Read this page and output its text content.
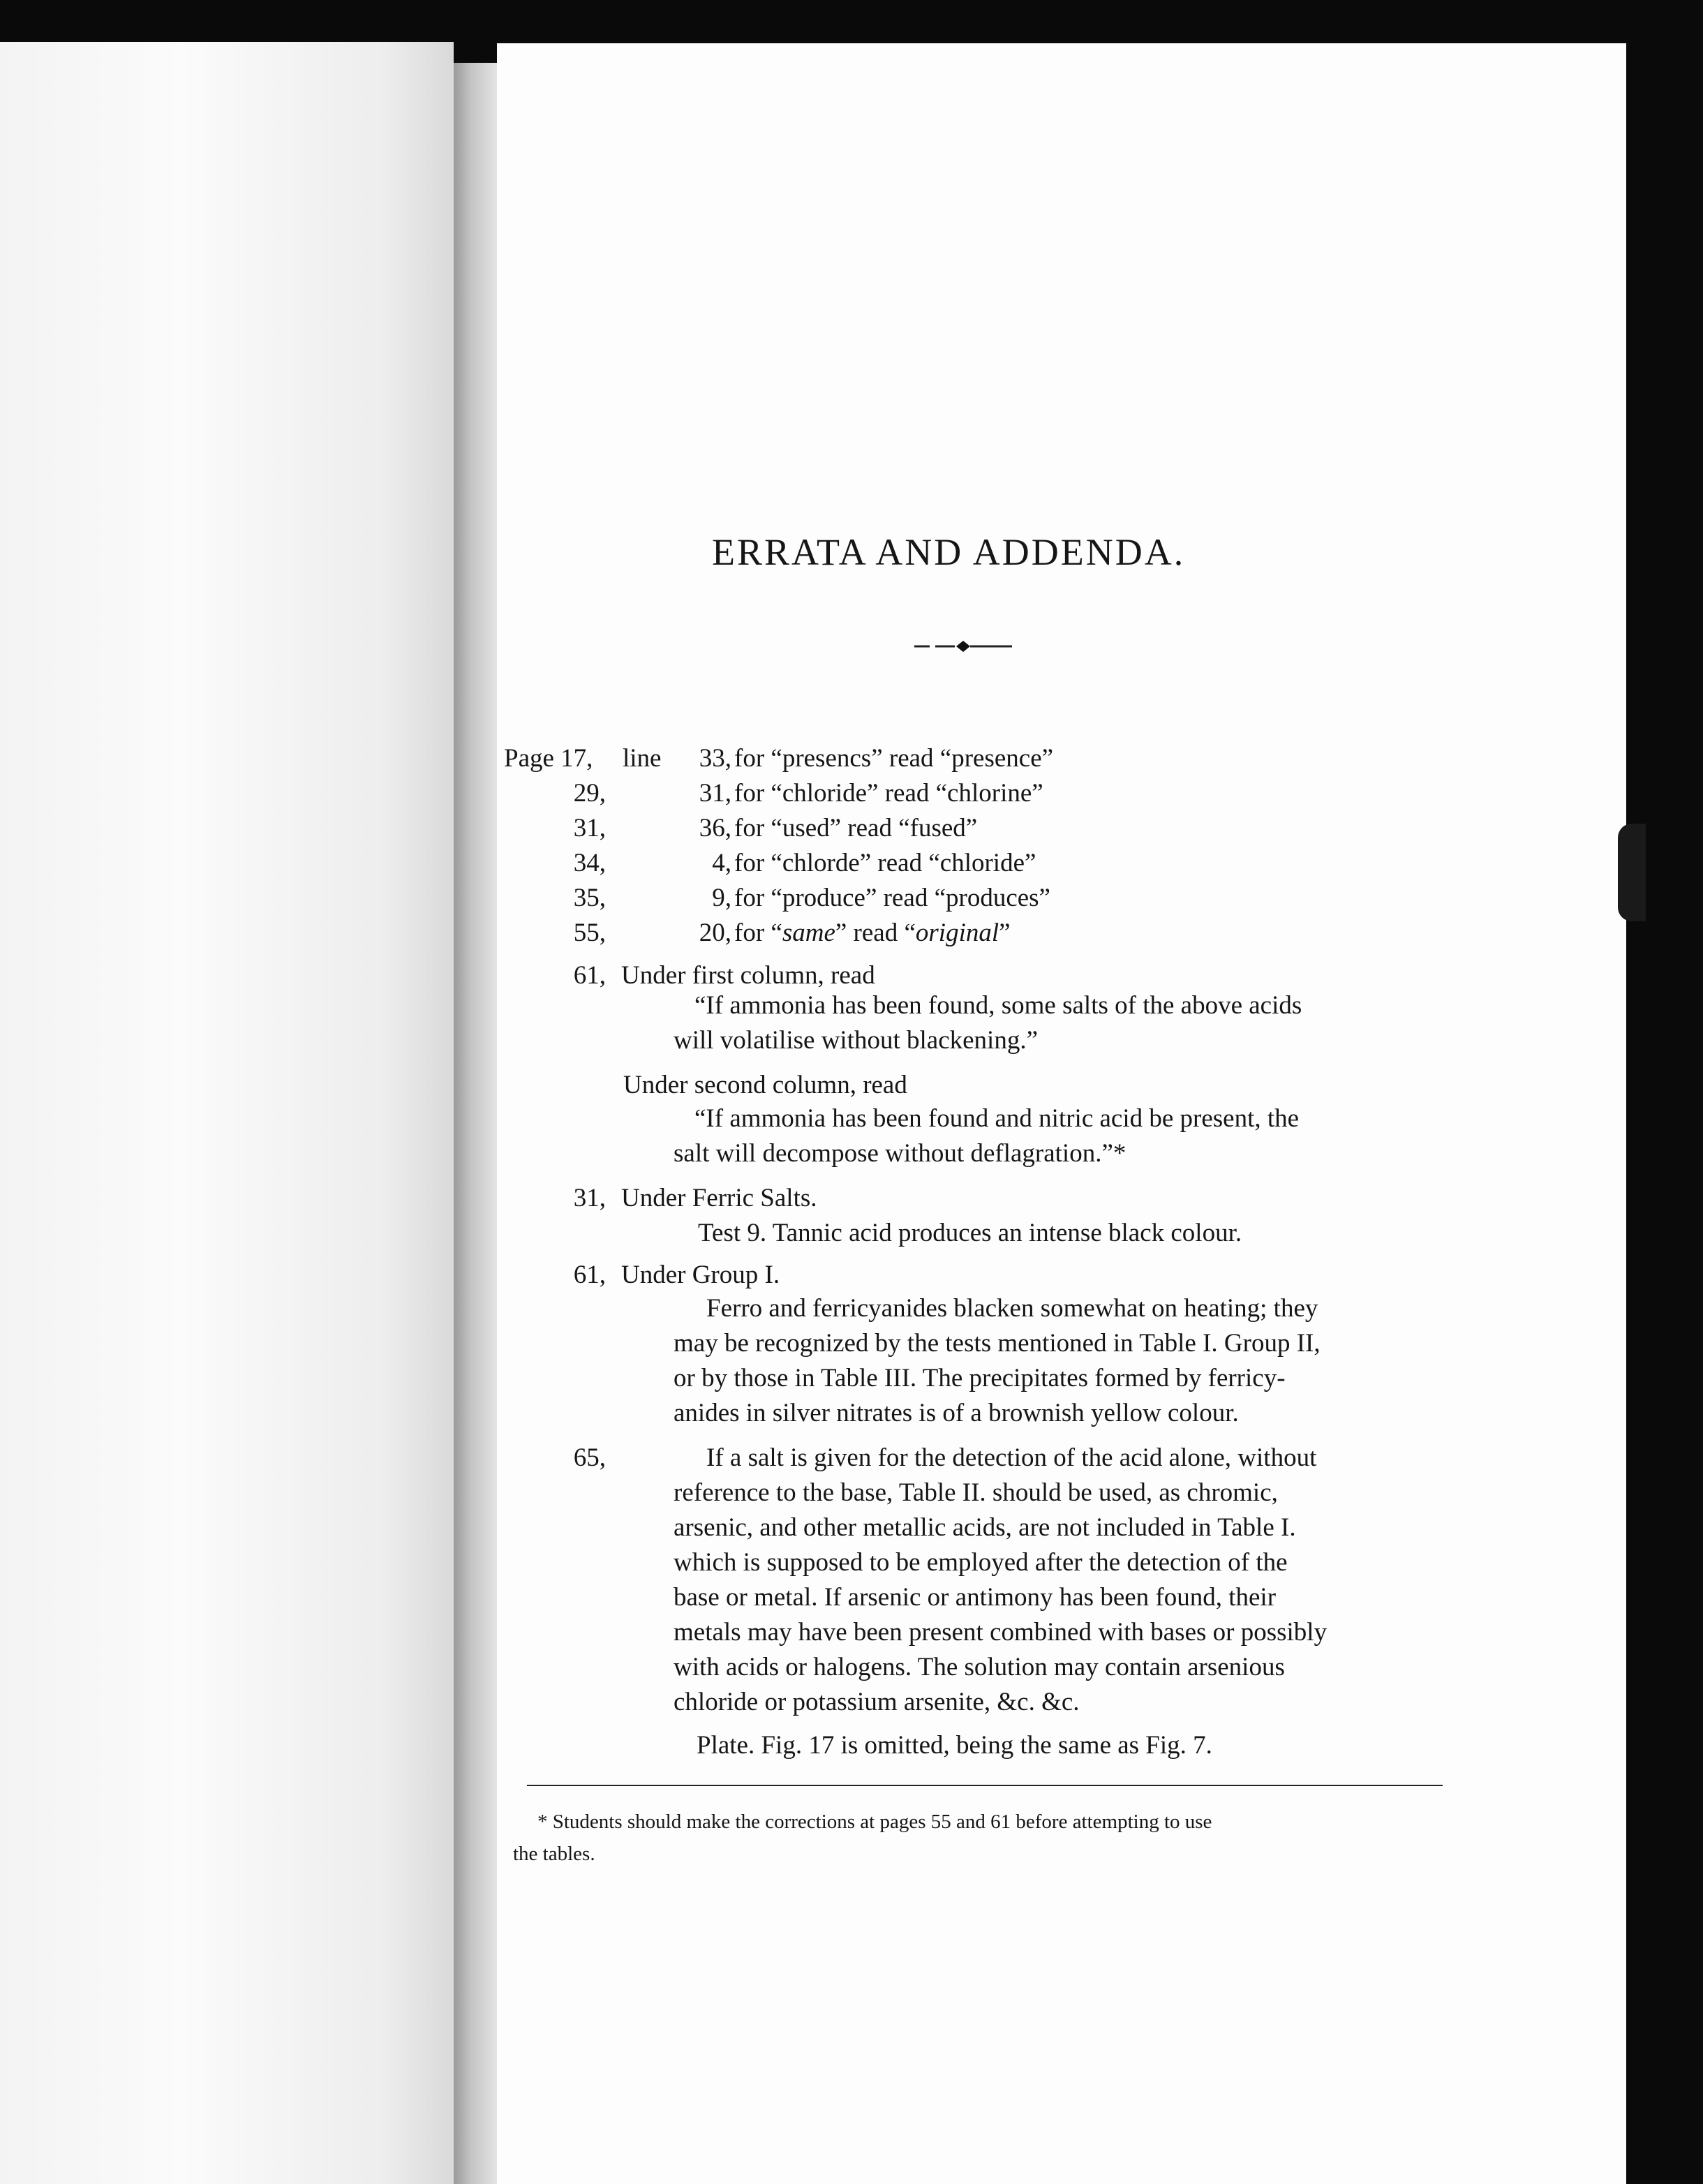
ERRATA AND ADDENDA.
Page 17, line	33, for “presencs” read “presence”
29,	31, for “chloride” read “chlorine”
31,	36, for “used” read “fused”
34,	4, for “chlorde” read “chloride”
35,	9, for “produce” read “produces”
55,	20, for “same” read “original”
61, Under first column, read
“If ammonia has been found, some salts of the above acids
will volatilise without blackening.”
Under second column, read
“If ammonia has been found and nitric acid be present, the
salt will decompose without deflagration.”*
31, Under Ferric Salts.
Test 9. Tannic acid produces an intense black colour.
61, Under Group I.
Ferro and ferricyanides blacken somewhat on heating; they
may be recognized by the tests mentioned in Table I. Group II,
or by those in Table III. The precipitates formed by ferricy-
anides in silver nitrates is of a brownish yellow colour.
65,	If a salt is given for the detection of the acid alone, without
reference to the base, Table II. should be used, as chromic,
arsenic, and other metallic acids, are not included in Table I.
which is supposed to be employed after the detection of the
base or metal. If arsenic or antimony has been found, their
metals may have been present combined with bases or possibly
with acids or halogens. The solution may contain arsenious
chloride or potassium arsenite, &c. &c.
Plate. Fig. 17 is omitted, being the same as Fig. 7.
* Students should make the corrections at pages 55 and 61 before attempting to use
the tables.
